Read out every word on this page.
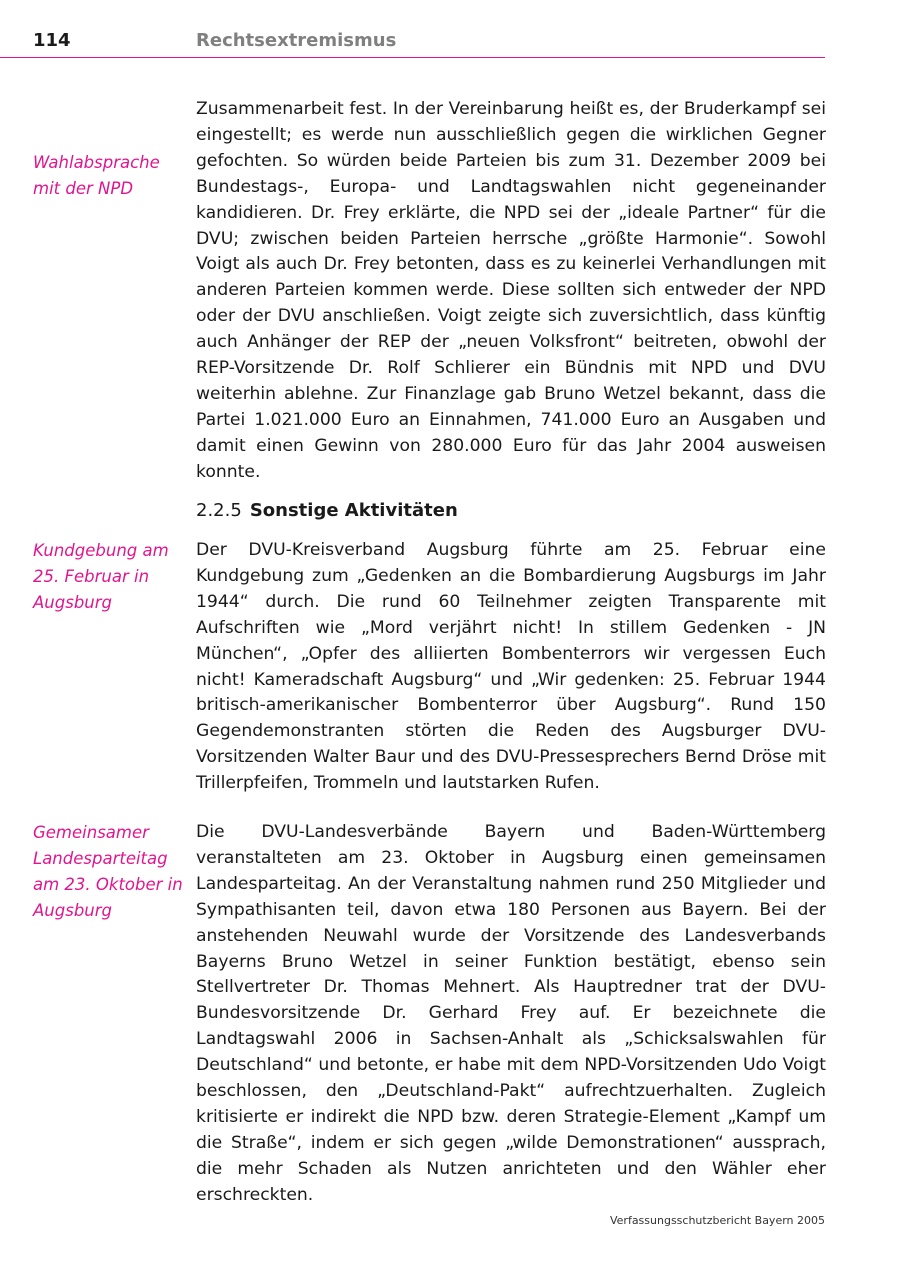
114	Rechtsextremismus
Wahlabsprache mit der NPD
Zusammenarbeit fest. In der Vereinbarung heißt es, der Bruderkampf sei eingestellt; es werde nun ausschließlich gegen die wirklichen Gegner gefochten. So würden beide Parteien bis zum 31. Dezember 2009 bei Bundestags-, Europa- und Landtagswahlen nicht gegeneinander kandidieren. Dr. Frey erklärte, die NPD sei der „ideale Partner“ für die DVU; zwischen beiden Parteien herrsche „größte Harmonie“. Sowohl Voigt als auch Dr. Frey betonten, dass es zu keinerlei Verhandlungen mit anderen Parteien kommen werde. Diese sollten sich entweder der NPD oder der DVU anschließen. Voigt zeigte sich zuversichtlich, dass künftig auch Anhänger der REP der „neuen Volksfront“ beitreten, obwohl der REP-Vorsitzende Dr. Rolf Schlierer ein Bündnis mit NPD und DVU weiterhin ablehne. Zur Finanzlage gab Bruno Wetzel bekannt, dass die Partei 1.021.000 Euro an Einnahmen, 741.000 Euro an Ausgaben und damit einen Gewinn von 280.000 Euro für das Jahr 2004 ausweisen konnte.
2.2.5 Sonstige Aktivitäten
Kundgebung am 25. Februar in Augsburg
Der DVU-Kreisverband Augsburg führte am 25. Februar eine Kundgebung zum „Gedenken an die Bombardierung Augsburgs im Jahr 1944“ durch. Die rund 60 Teilnehmer zeigten Transparente mit Aufschriften wie „Mord verjährt nicht! In stillem Gedenken - JN München“, „Opfer des alliierten Bombenterrors wir vergessen Euch nicht! Kameradschaft Augsburg“ und „Wir gedenken: 25. Februar 1944 britisch-amerikanischer Bombenterror über Augsburg“. Rund 150 Gegendemonstranten störten die Reden des Augsburger DVU-Vorsitzenden Walter Baur und des DVU-Pressesprechers Bernd Dröse mit Trillerpfeifen, Trommeln und lautstarken Rufen.
Gemeinsamer Landesparteitag am 23. Oktober in Augsburg
Die DVU-Landesverbände Bayern und Baden-Württemberg veranstalteten am 23. Oktober in Augsburg einen gemeinsamen Landesparteitag. An der Veranstaltung nahmen rund 250 Mitglieder und Sympathisanten teil, davon etwa 180 Personen aus Bayern. Bei der anstehenden Neuwahl wurde der Vorsitzende des Landesverbands Bayerns Bruno Wetzel in seiner Funktion bestätigt, ebenso sein Stellvertreter Dr. Thomas Mehnert. Als Hauptredner trat der DVU-Bundesvorsitzende Dr. Gerhard Frey auf. Er bezeichnete die Landtagswahl 2006 in Sachsen-Anhalt als „Schicksalswahlen für Deutschland“ und betonte, er habe mit dem NPD-Vorsitzenden Udo Voigt beschlossen, den „Deutschland-Pakt“ aufrechtzuerhalten. Zugleich kritisierte er indirekt die NPD bzw. deren Strategie-Element „Kampf um die Straße“, indem er sich gegen „wilde Demonstrationen“ aussprach, die mehr Schaden als Nutzen anrichteten und den Wähler eher erschreckten.
Verfassungsschutzbericht Bayern 2005
